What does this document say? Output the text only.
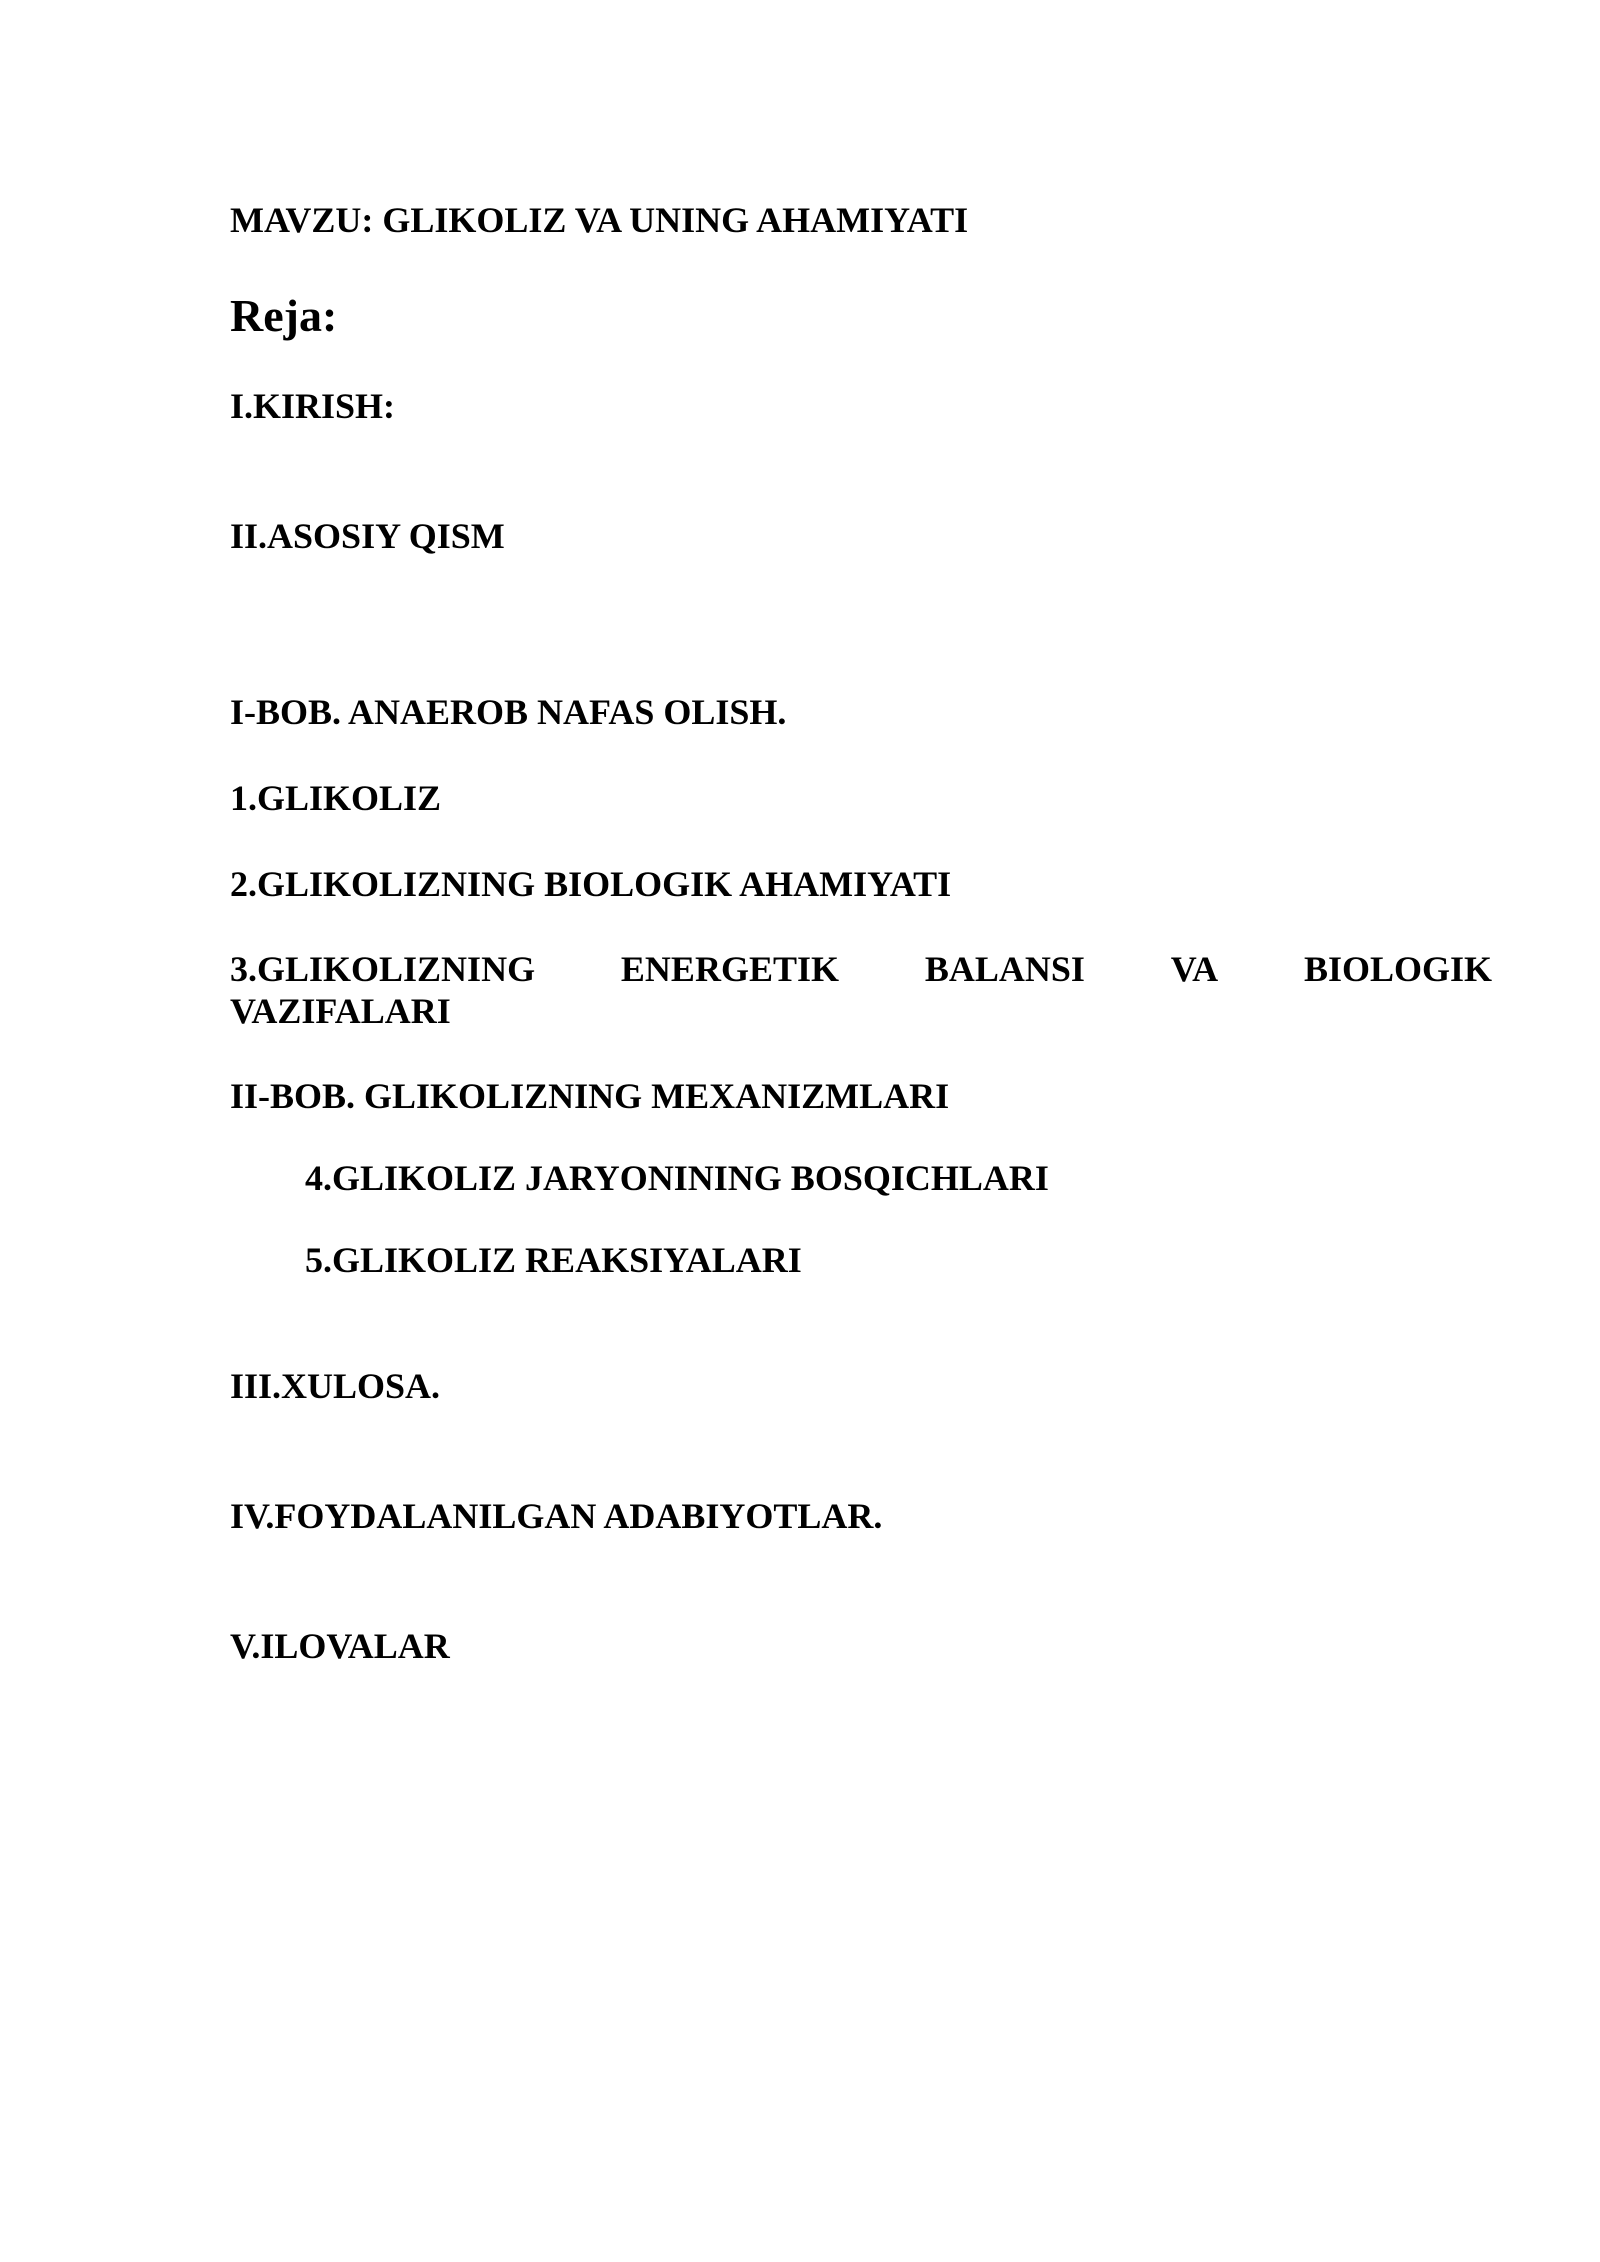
MAVZU: GLIKOLIZ VA UNING AHAMIYATI

Reja:

I.KIRISH:

II.ASOSIY QISM

I-BOB. ANAEROB NAFAS OLISH.

1.GLIKOLIZ

2.GLIKOLIZNING BIOLOGIK AHAMIYATI

3.GLIKOLIZNING ENERGETIK BALANSI VA BIOLOGIK
VAZIFALARI

II-BOB. GLIKOLIZNING MEXANIZMLARI

4.GLIKOLIZ JARYONINING BOSQICHLARI

5.GLIKOLIZ REAKSIYALARI

III.XULOSA.

IV.FOYDALANILGAN ADABIYOTLAR.

V.ILOVALAR
